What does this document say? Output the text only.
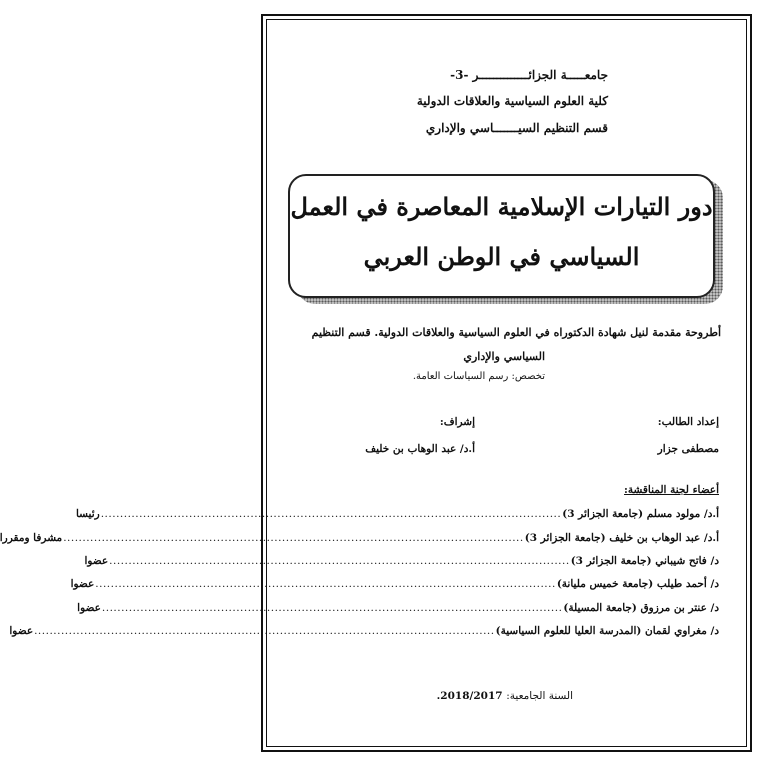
جامعـــــة الجزائــــــــــــــر -3-
كلية العلوم السياسية والعلاقات الدولية
قسم التنظيم السيـــــــاسي والإداري
دور التيارات الإسلامية المعاصرة في العمل
السياسي في الوطن العربي
أطروحة مقدمة لنيل شهادة الدكتوراه في العلوم السياسية والعلاقات الدولية. قسم التنظيم
السياسي والإداري
تخصص: رسم السياسات العامة.
إعداد الطالب:
مصطفى جزار
إشراف:
أ.د/ عبد الوهاب بن خليف
أعضاء لجنة المناقشة:
أ.د/ مولود مسلم (جامعة الجزائر 3)
........................................................................................................................
رئيسا
أ.د/ عبد الوهاب بن خليف (جامعة الجزائر 3)
........................................................................................................................
مشرفا ومقررا
د/ فاتح شيباني (جامعة الجزائر 3)
........................................................................................................................
عضوا
د/ أحمد طيلب (جامعة خميس مليانة)
........................................................................................................................
عضوا
د/ عنتر بن مرزوق (جامعة المسيلة)
........................................................................................................................
عضوا
د/ مغراوي لقمان (المدرسة العليا للعلوم السياسية)
........................................................................................................................
عضوا
السنة الجامعية: 2018/2017.
